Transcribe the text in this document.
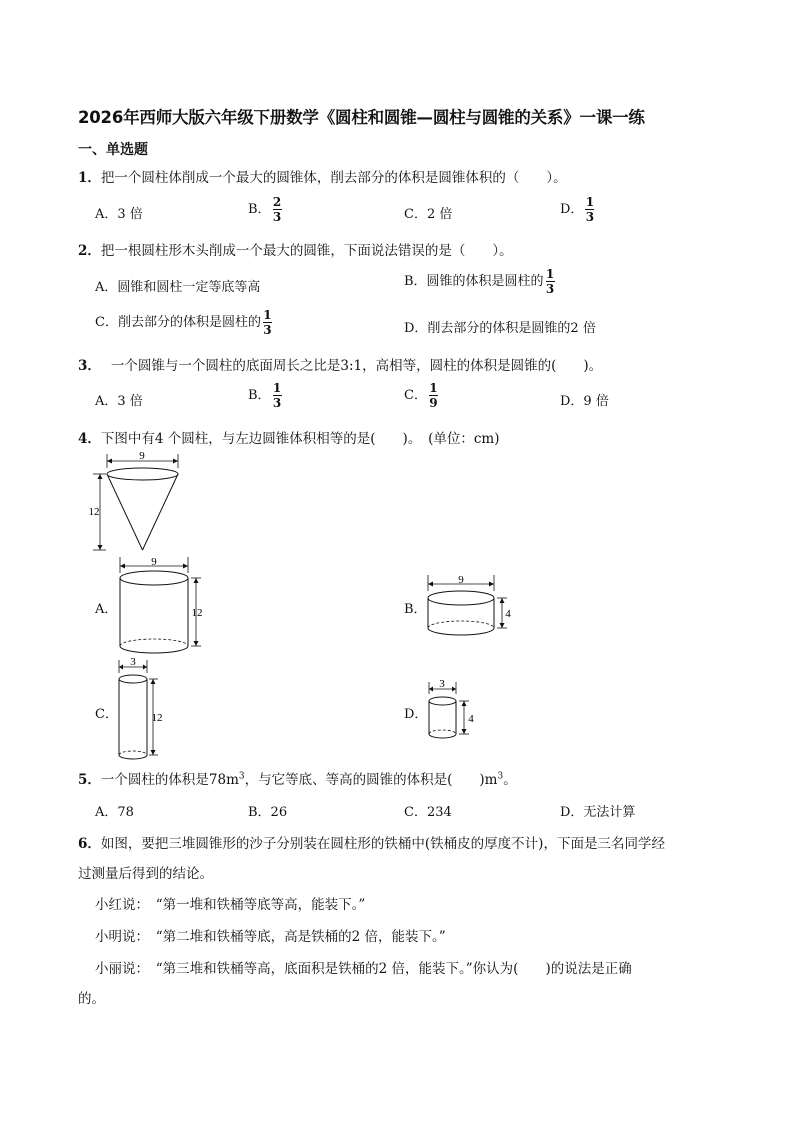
2026年西师大版六年级下册数学《圆柱和圆锥—圆柱与圆锥的关系》一课一练
一、单选题
1．把一个圆柱体削成一个最大的圆锥体，削去部分的体积是圆锥体积的（　　）。
A．3 倍	B． $\frac{2}{3}$	C．2 倍	D． $\frac{1}{3}$
2．把一根圆柱形木头削成一个最大的圆锥，下面说法错误的是（　　）。
A．圆锥和圆柱一定等底等高	B．圆锥的体积是圆柱的 $\frac{1}{3}$
C．削去部分的体积是圆柱的 $\frac{1}{3}$	D．削去部分的体积是圆锥的2 倍
3． 一个圆锥与一个圆柱的底面周长之比是3:1，高相等，圆柱的体积是圆锥的(　　)。
A．3 倍	B． $\frac{1}{3}$	C． $\frac{1}{9}$	D．9 倍
4．下图中有4 个圆柱，与左边圆锥体积相等的是(　　)。　(单位：cm)
9
12
A．
9
12	B．
9
4
C．
3
12	D．
3
4
5．一个圆柱的体积是$78m^3$，与它等底、等高的圆锥的体积是(　　)$m^3$。
A．78	B．26	C．234	D．无法计算
6．如图，要把三堆圆锥形的沙子分别装在圆柱形的铁桶中(铁桶皮的厚度不计)，下面是三名同学经
过测量后得到的结论。
小红说：　“第一堆和铁桶等底等高，能装下。”
小明说：　“第二堆和铁桶等底，高是铁桶的2 倍，能装下。”
小丽说：　“第三堆和铁桶等高，底面积是铁桶的2 倍，能装下。”你认为(　　)的说法是正确
的。
